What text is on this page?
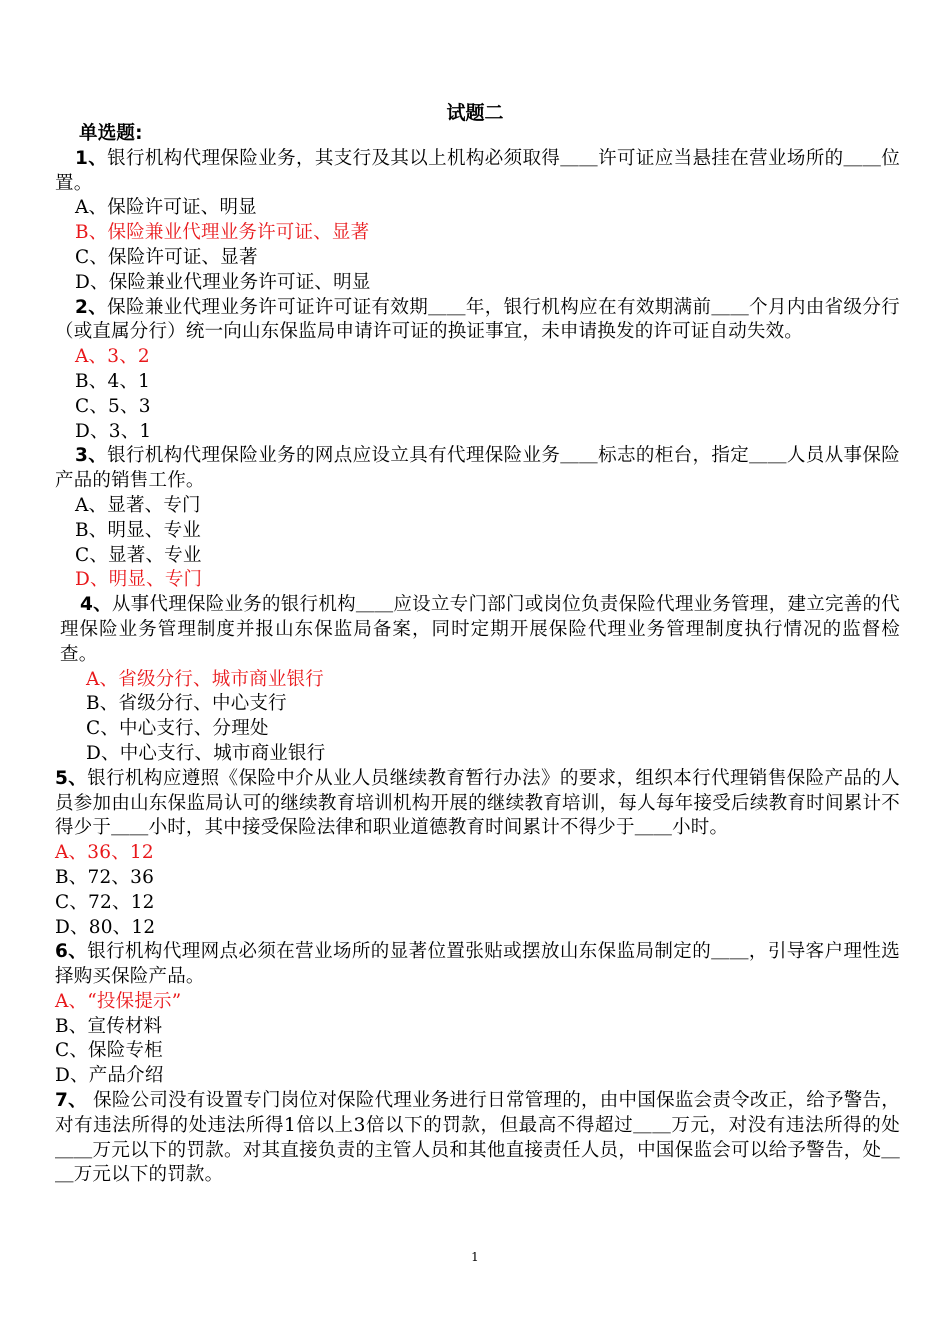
试题二

单选题:

1、银行机构代理保险业务，其支行及其以上机构必须取得＿＿许可证应当悬挂在营业场所的＿＿位置。

A、保险许可证、明显

B、保险兼业代理业务许可证、显著

C、保险许可证、显著

D、保险兼业代理业务许可证、明显

2、保险兼业代理业务许可证许可证有效期＿＿年，银行机构应在有效期满前＿＿个月内由省级分行（或直属分行）统一向山东保监局申请许可证的换证事宜，未申请换发的许可证自动失效。

A、3、2

B、4、1

C、5、3

D、3、1

3、银行机构代理保险业务的网点应设立具有代理保险业务＿＿标志的柜台，指定＿＿人员从事保险产品的销售工作。

A、显著、专门

B、明显、专业

C、显著、专业

D、明显、专门

4、从事代理保险业务的银行机构＿＿应设立专门部门或岗位负责保险代理业务管理，建立完善的代理保险业务管理制度并报山东保监局备案，同时定期开展保险代理业务管理制度执行情况的监督检查。

A、省级分行、城市商业银行

B、省级分行、中心支行

C、中心支行、分理处

D、中心支行、城市商业银行

5、银行机构应遵照《保险中介从业人员继续教育暂行办法》的要求，组织本行代理销售保险产品的人员参加由山东保监局认可的继续教育培训机构开展的继续教育培训，每人每年接受后续教育时间累计不得少于＿＿小时，其中接受保险法律和职业道德教育时间累计不得少于＿＿小时。

A、36、12

B、72、36

C、72、12

D、80、12

6、银行机构代理网点必须在营业场所的显著位置张贴或摆放山东保监局制定的＿＿，引导客户理性选择购买保险产品。

A、“投保提示”

B、宣传材料

C、保险专柜

D、产品介绍

7、 保险公司没有设置专门岗位对保险代理业务进行日常管理的，由中国保监会责令改正，给予警告，对有违法所得的处违法所得1倍以上3倍以下的罚款，但最高不得超过＿＿万元，对没有违法所得的处＿＿万元以下的罚款。对其直接负责的主管人员和其他直接责任人员，中国保监会可以给予警告，处＿＿万元以下的罚款。

1
